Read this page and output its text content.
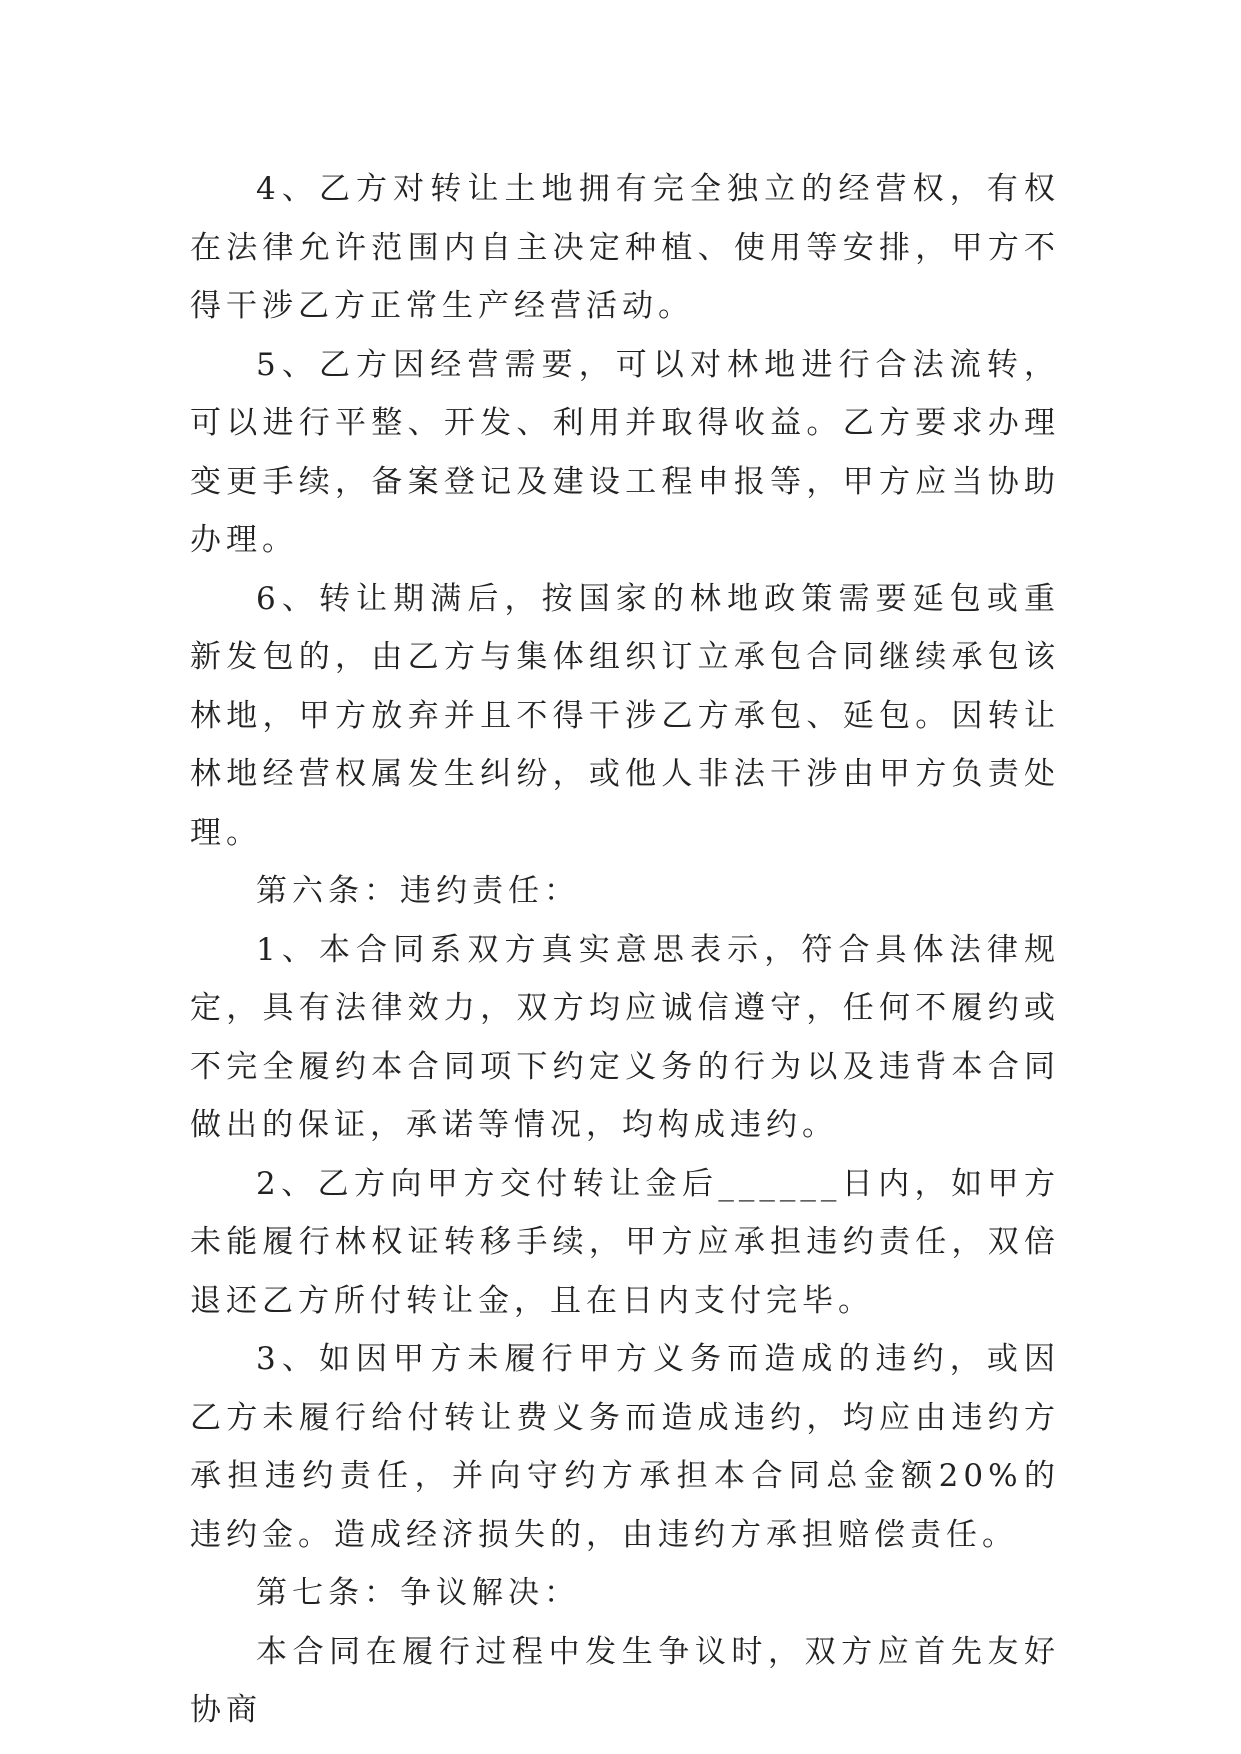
4、乙方对转让土地拥有完全独立的经营权，有权在法律允许范围内自主决定种植、使用等安排，甲方不得干涉乙方正常生产经营活动。

5、乙方因经营需要，可以对林地进行合法流转，可以进行平整、开发、利用并取得收益。乙方要求办理变更手续，备案登记及建设工程申报等，甲方应当协助办理。

6、转让期满后，按国家的林地政策需要延包或重新发包的，由乙方与集体组织订立承包合同继续承包该林地，甲方放弃并且不得干涉乙方承包、延包。因转让林地经营权属发生纠纷，或他人非法干涉由甲方负责处理。

第六条：违约责任：

1、本合同系双方真实意思表示，符合具体法律规定，具有法律效力，双方均应诚信遵守，任何不履约或不完全履约本合同项下约定义务的行为以及违背本合同做出的保证，承诺等情况，均构成违约。

2、乙方向甲方交付转让金后______日内，如甲方未能履行林权证转移手续，甲方应承担违约责任，双倍退还乙方所付转让金，且在日内支付完毕。

3、如因甲方未履行甲方义务而造成的违约，或因乙方未履行给付转让费义务而造成违约，均应由违约方承担违约责任，并向守约方承担本合同总金额20%的违约金。造成经济损失的，由违约方承担赔偿责任。

第七条：争议解决：

本合同在履行过程中发生争议时，双方应首先友好协商
